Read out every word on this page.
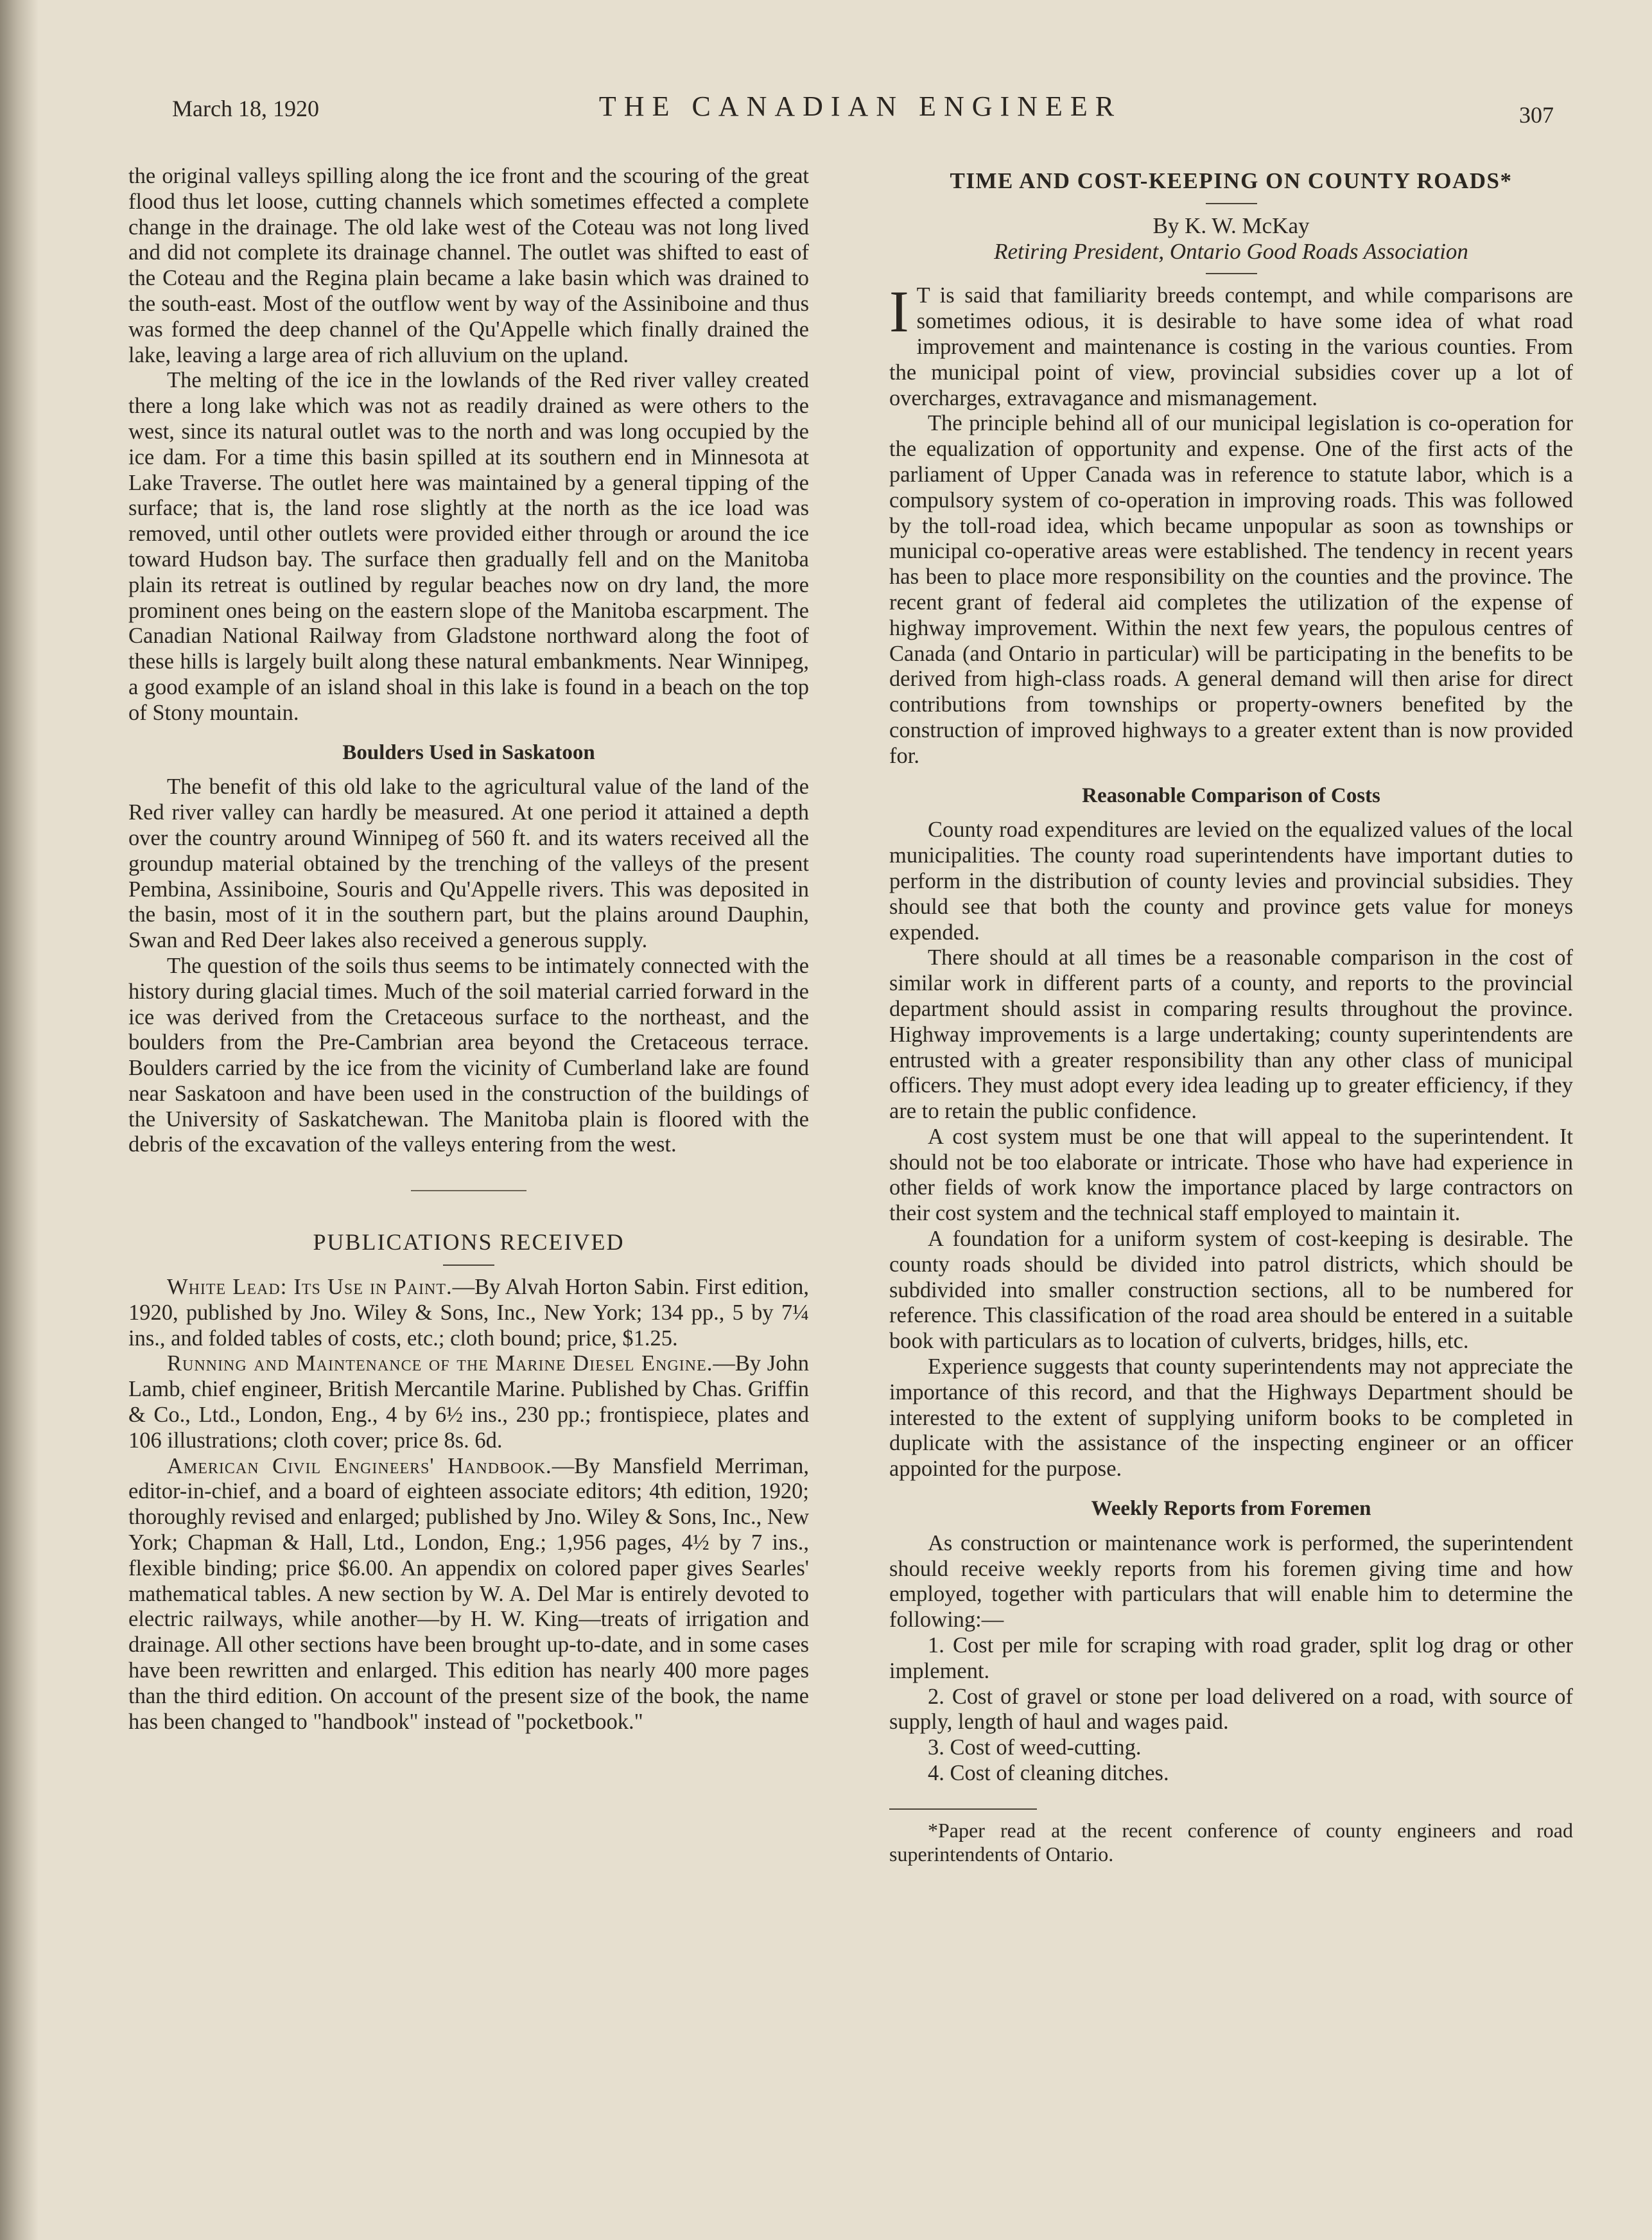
March 18, 1920	THE CANADIAN ENGINEER	307

the original valleys spilling along the ice front and the scouring of the great flood thus let loose, cutting channels which sometimes effected a complete change in the drainage. The old lake west of the Coteau was not long lived and did not complete its drainage channel. The outlet was shifted to east of the Coteau and the Regina plain became a lake basin which was drained to the south-east. Most of the outflow went by way of the Assiniboine and thus was formed the deep channel of the Qu'Appelle which finally drained the lake, leaving a large area of rich alluvium on the upland.

The melting of the ice in the lowlands of the Red river valley created there a long lake which was not as readily drained as were others to the west, since its natural outlet was to the north and was long occupied by the ice dam. For a time this basin spilled at its southern end in Minnesota at Lake Traverse. The outlet here was maintained by a general tipping of the surface; that is, the land rose slightly at the north as the ice load was removed, until other outlets were provided either through or around the ice toward Hudson bay. The surface then gradually fell and on the Manitoba plain its retreat is outlined by regular beaches now on dry land, the more prominent ones being on the eastern slope of the Manitoba escarpment. The Canadian National Railway from Gladstone northward along the foot of these hills is largely built along these natural embankments. Near Winnipeg, a good example of an island shoal in this lake is found in a beach on the top of Stony mountain.

Boulders Used in Saskatoon

The benefit of this old lake to the agricultural value of the land of the Red river valley can hardly be measured. At one period it attained a depth over the country around Winnipeg of 560 ft. and its waters received all the groundup material obtained by the trenching of the valleys of the present Pembina, Assiniboine, Souris and Qu'Appelle rivers. This was deposited in the basin, most of it in the southern part, but the plains around Dauphin, Swan and Red Deer lakes also received a generous supply.

The question of the soils thus seems to be intimately connected with the history during glacial times. Much of the soil material carried forward in the ice was derived from the Cretaceous surface to the northeast, and the boulders from the Pre-Cambrian area beyond the Cretaceous terrace. Boulders carried by the ice from the vicinity of Cumberland lake are found near Saskatoon and have been used in the construction of the buildings of the University of Saskatchewan. The Manitoba plain is floored with the debris of the excavation of the valleys entering from the west.

PUBLICATIONS RECEIVED

White Lead: Its Use in Paint.—By Alvah Horton Sabin. First edition, 1920, published by Jno. Wiley & Sons, Inc., New York; 134 pp., 5 by 7¼ ins., and folded tables of costs, etc.; cloth bound; price, $1.25.

Running and Maintenance of the Marine Diesel Engine.—By John Lamb, chief engineer, British Mercantile Marine. Published by Chas. Griffin & Co., Ltd., London, Eng., 4 by 6½ ins., 230 pp.; frontispiece, plates and 106 illustrations; cloth cover; price 8s. 6d.

American Civil Engineers' Handbook.—By Mansfield Merriman, editor-in-chief, and a board of eighteen associate editors; 4th edition, 1920; thoroughly revised and enlarged; published by Jno. Wiley & Sons, Inc., New York; Chapman & Hall, Ltd., London, Eng.; 1,956 pages, 4½ by 7 ins., flexible binding; price $6.00. An appendix on colored paper gives Searles' mathematical tables. A new section by W. A. Del Mar is entirely devoted to electric railways, while another—by H. W. King—treats of irrigation and drainage. All other sections have been brought up-to-date, and in some cases have been rewritten and enlarged. This edition has nearly 400 more pages than the third edition. On account of the present size of the book, the name has been changed to "handbook" instead of "pocketbook."

TIME AND COST-KEEPING ON COUNTY ROADS*
By K. W. McKay
Retiring President, Ontario Good Roads Association

I T is said that familiarity breeds contempt, and while comparisons are sometimes odious, it is desirable to have some idea of what road improvement and maintenance is costing in the various counties. From the municipal point of view, provincial subsidies cover up a lot of overcharges, extravagance and mismanagement.

The principle behind all of our municipal legislation is co-operation for the equalization of opportunity and expense. One of the first acts of the parliament of Upper Canada was in reference to statute labor, which is a compulsory system of co-operation in improving roads. This was followed by the toll-road idea, which became unpopular as soon as townships or municipal co-operative areas were established. The tendency in recent years has been to place more responsibility on the counties and the province. The recent grant of federal aid completes the utilization of the expense of highway improvement. Within the next few years, the populous centres of Canada (and Ontario in particular) will be participating in the benefits to be derived from high-class roads. A general demand will then arise for direct contributions from townships or property-owners benefited by the construction of improved highways to a greater extent than is now provided for.

Reasonable Comparison of Costs

County road expenditures are levied on the equalized values of the local municipalities. The county road superintendents have important duties to perform in the distribution of county levies and provincial subsidies. They should see that both the county and province gets value for moneys expended.

There should at all times be a reasonable comparison in the cost of similar work in different parts of a county, and reports to the provincial department should assist in comparing results throughout the province. Highway improvements is a large undertaking; county superintendents are entrusted with a greater responsibility than any other class of municipal officers. They must adopt every idea leading up to greater efficiency, if they are to retain the public confidence.

A cost system must be one that will appeal to the superintendent. It should not be too elaborate or intricate. Those who have had experience in other fields of work know the importance placed by large contractors on their cost system and the technical staff employed to maintain it.

A foundation for a uniform system of cost-keeping is desirable. The county roads should be divided into patrol districts, which should be subdivided into smaller construction sections, all to be numbered for reference. This classification of the road area should be entered in a suitable book with particulars as to location of culverts, bridges, hills, etc.

Experience suggests that county superintendents may not appreciate the importance of this record, and that the Highways Department should be interested to the extent of supplying uniform books to be completed in duplicate with the assistance of the inspecting engineer or an officer appointed for the purpose.

Weekly Reports from Foremen

As construction or maintenance work is performed, the superintendent should receive weekly reports from his foremen giving time and how employed, together with particulars that will enable him to determine the following:—

1. Cost per mile for scraping with road grader, split log drag or other implement.

2. Cost of gravel or stone per load delivered on a road, with source of supply, length of haul and wages paid.

3. Cost of weed-cutting.

4. Cost of cleaning ditches.

*Paper read at the recent conference of county engineers and road superintendents of Ontario.
